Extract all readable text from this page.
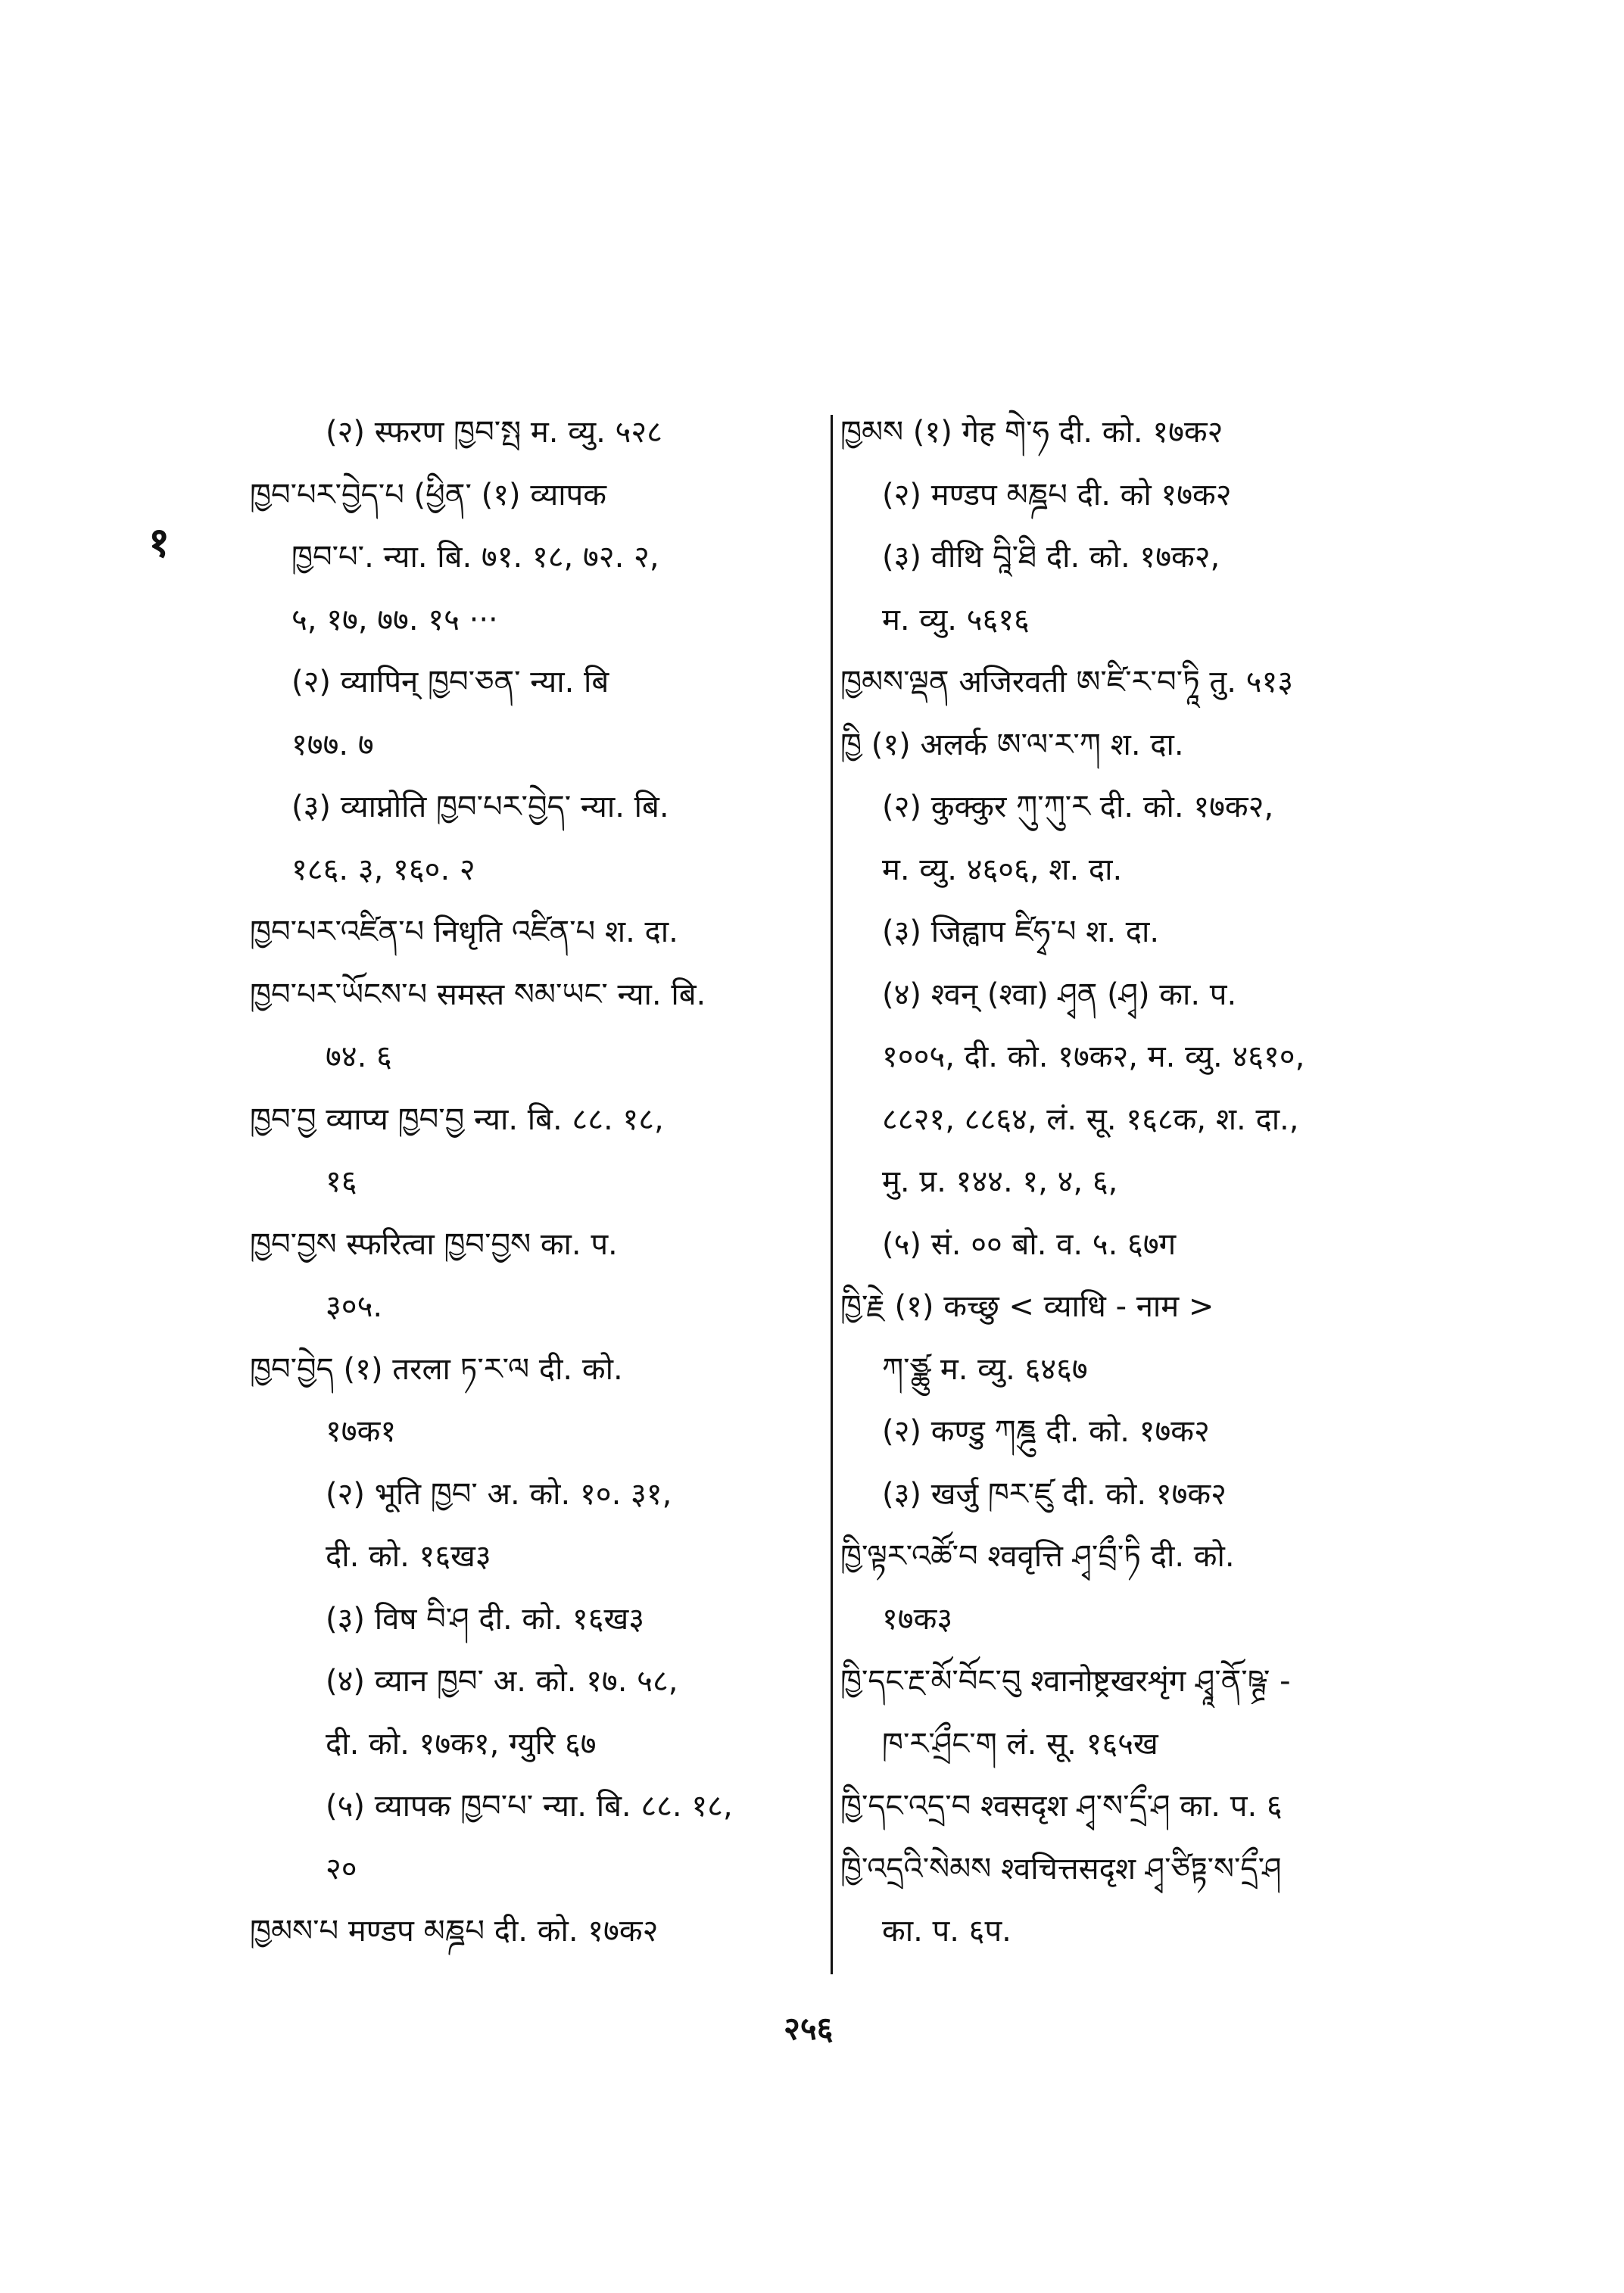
१
(२) स्फरण ཁྱབ་སྤ म. व्यु. ५२८
ཁྱབ་པར་བྱེད་པ (ཕྱིན་ (१) व्यापक
ཁྱབ་པ་. न्या. बि. ७१. १८, ७२. २,
५, १७, ७७. १५ ···
(२) व्यापिन् ཁྱབ་ཅན་ न्या. बि
१७७. ७
(३) व्याप्नोति ཁྱབ་པར་བྱེད་ न्या. बि.
१८६. ३, १६०. २
ཁྱབ་པར་འཛིན་པ निधृति འཛིན་པ श. दा.
ཁྱབ་པར་ཡོངས་པ समस्त སམ་ཡང་ न्या. बि.
७४. ६
ཁྱབ་བྱ व्याप्य ཁྱབ་བྱ न्या. बि. ८८. १८,
१६
ཁྱབ་བྱས स्फरित्वा ཁྱབ་བྱས का. प.
३०५.
ཁྱབ་བྱེད (१) तरला ཏ་ར་ལ दी. को.
१७क१
(२) भूति ཁྱབ་ अ. को. १०. ३१,
दी. को. १६ख३
(३) विष བི་ཤ दी. को. १६ख३
(४) व्यान ཁྱབ་ अ. को. १७. ५८,
दी. को. १७क१, ग्युरि ६७
(५) व्यापक ཁྱབ་པ་ न्या. बि. ८८. १८,
२०
ཁྱམས་པ मण्डप མཎྜཔ दी. को. १७क२
ཁྱམས (१) गेह གེ་ཧ दी. को. १७क२
(२) मण्डप མཎྜཔ दी. को १७क२
(३) वीथि བཱི་ཐི दी. को. १७क२,
म. व्यु. ५६१६
ཁྱམས་ལྡན अजिरवती ཨ་ཛི་ར་བ་ཏཱི तु. ५१३
ཁྱི (१) अलर्क ཨ་ལ་ར་ཀ श. दा.
(२) कुक्कुर ཀུ་ཀུ་ར दी. को. १७क२,
म. व्यु. ४६०६, श. दा.
(३) जिह्वाप ཛིཧྭ་པ श. दा.
(४) श्वन् (श्वा) ཤྭན (ཤྭ) का. प.
१००५, दी. को. १७क२, म. व्यु. ४६१०,
८८२१, ८८६४, लं. सू. १६८क, श. दा.,
मु. प्र. १४४. १, ४, ६,
(५) सं. ०० बो. व. ५. ६७ग
ཁྱི་རྗེ (१) कच्छु < व्याधि - नाम >
ཀ་ཙྪུ म. व्यु. ६४६७
(२) कण्डु ཀཎྜུ दी. को. १७क२
(३) खर्जु ཁར་ཛུ दी. को. १७क२
ཁྱི་ལྟར་འཚོ་བ श्ववृत्ति ཤྭ་བྲྀ་ཏི दी. को.
१७क३
ཁྱི་དང་རྔ་མོ་བོང་བུ श्वानोष्ट्रखरशृंग ཤྭཱ་ནོ་ཥྚྲ་ -
ཁ་ར་ཤྲྀང་ག लं. सू. १६५ख
ཁྱི་དང་འདྲ་བ श्वसदृश ཤྭ་ས་དྲྀ་ཤ का. प. ६
ཁྱི་འདྲའི་སེམས श्वचित्तसदृश ཤྭ་ཙིཏྟ་ས་དྲྀ་ཤ
का. प. ६प.
२५६
